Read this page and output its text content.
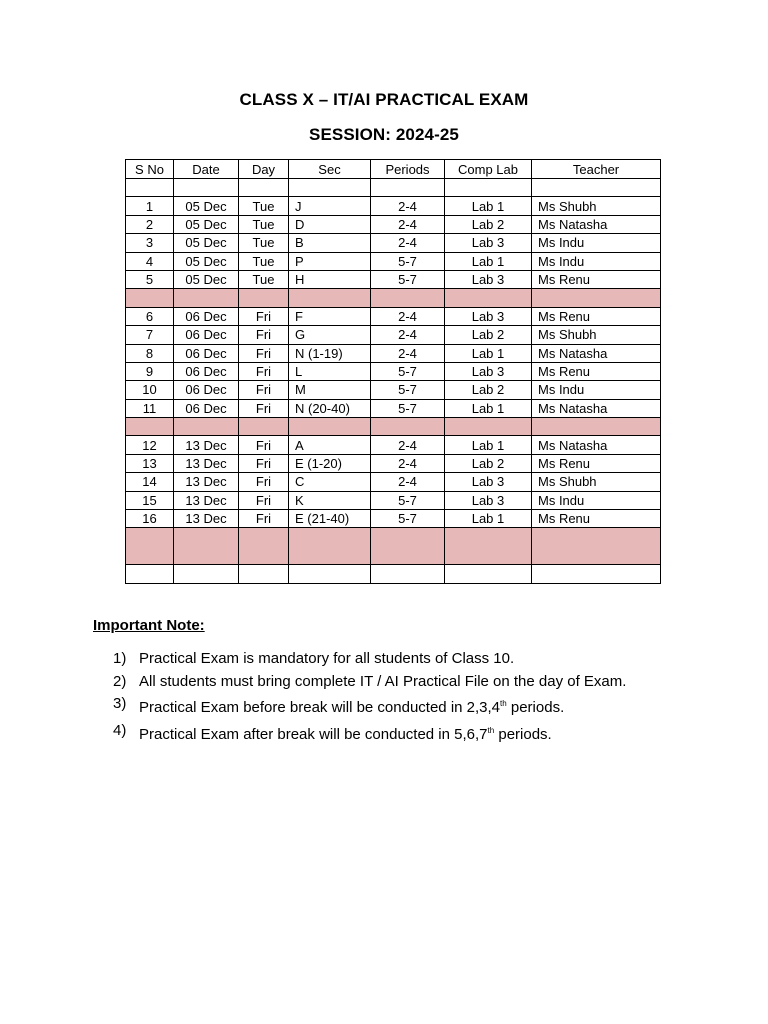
CLASS X – IT/AI PRACTICAL EXAM
SESSION: 2024-25
S No	Date	Day	Sec	Periods	Comp Lab	Teacher

1	05 Dec	Tue	J	2-4	Lab 1	Ms Shubh
2	05 Dec	Tue	D	2-4	Lab 2	Ms Natasha
3	05 Dec	Tue	B	2-4	Lab 3	Ms Indu
4	05 Dec	Tue	P	5-7	Lab 1	Ms Indu
5	05 Dec	Tue	H	5-7	Lab 3	Ms Renu

6	06 Dec	Fri	F	2-4	Lab 3	Ms Renu
7	06 Dec	Fri	G	2-4	Lab 2	Ms Shubh
8	06 Dec	Fri	N (1-19)	2-4	Lab 1	Ms Natasha
9	06 Dec	Fri	L	5-7	Lab 3	Ms Renu
10	06 Dec	Fri	M	5-7	Lab 2	Ms Indu
11	06 Dec	Fri	N (20-40)	5-7	Lab 1	Ms Natasha

12	13 Dec	Fri	A	2-4	Lab 1	Ms Natasha
13	13 Dec	Fri	E (1-20)	2-4	Lab 2	Ms Renu
14	13 Dec	Fri	C	2-4	Lab 3	Ms Shubh
15	13 Dec	Fri	K	5-7	Lab 3	Ms Indu
16	13 Dec	Fri	E (21-40)	5-7	Lab 1	Ms Renu

Important Note:
1) Practical Exam is mandatory for all students of Class 10.
2) All students must bring complete IT / AI Practical File on the day of Exam.
3) Practical Exam before break will be conducted in 2,3,4th periods.
4) Practical Exam after break will be conducted in 5,6,7th periods.
